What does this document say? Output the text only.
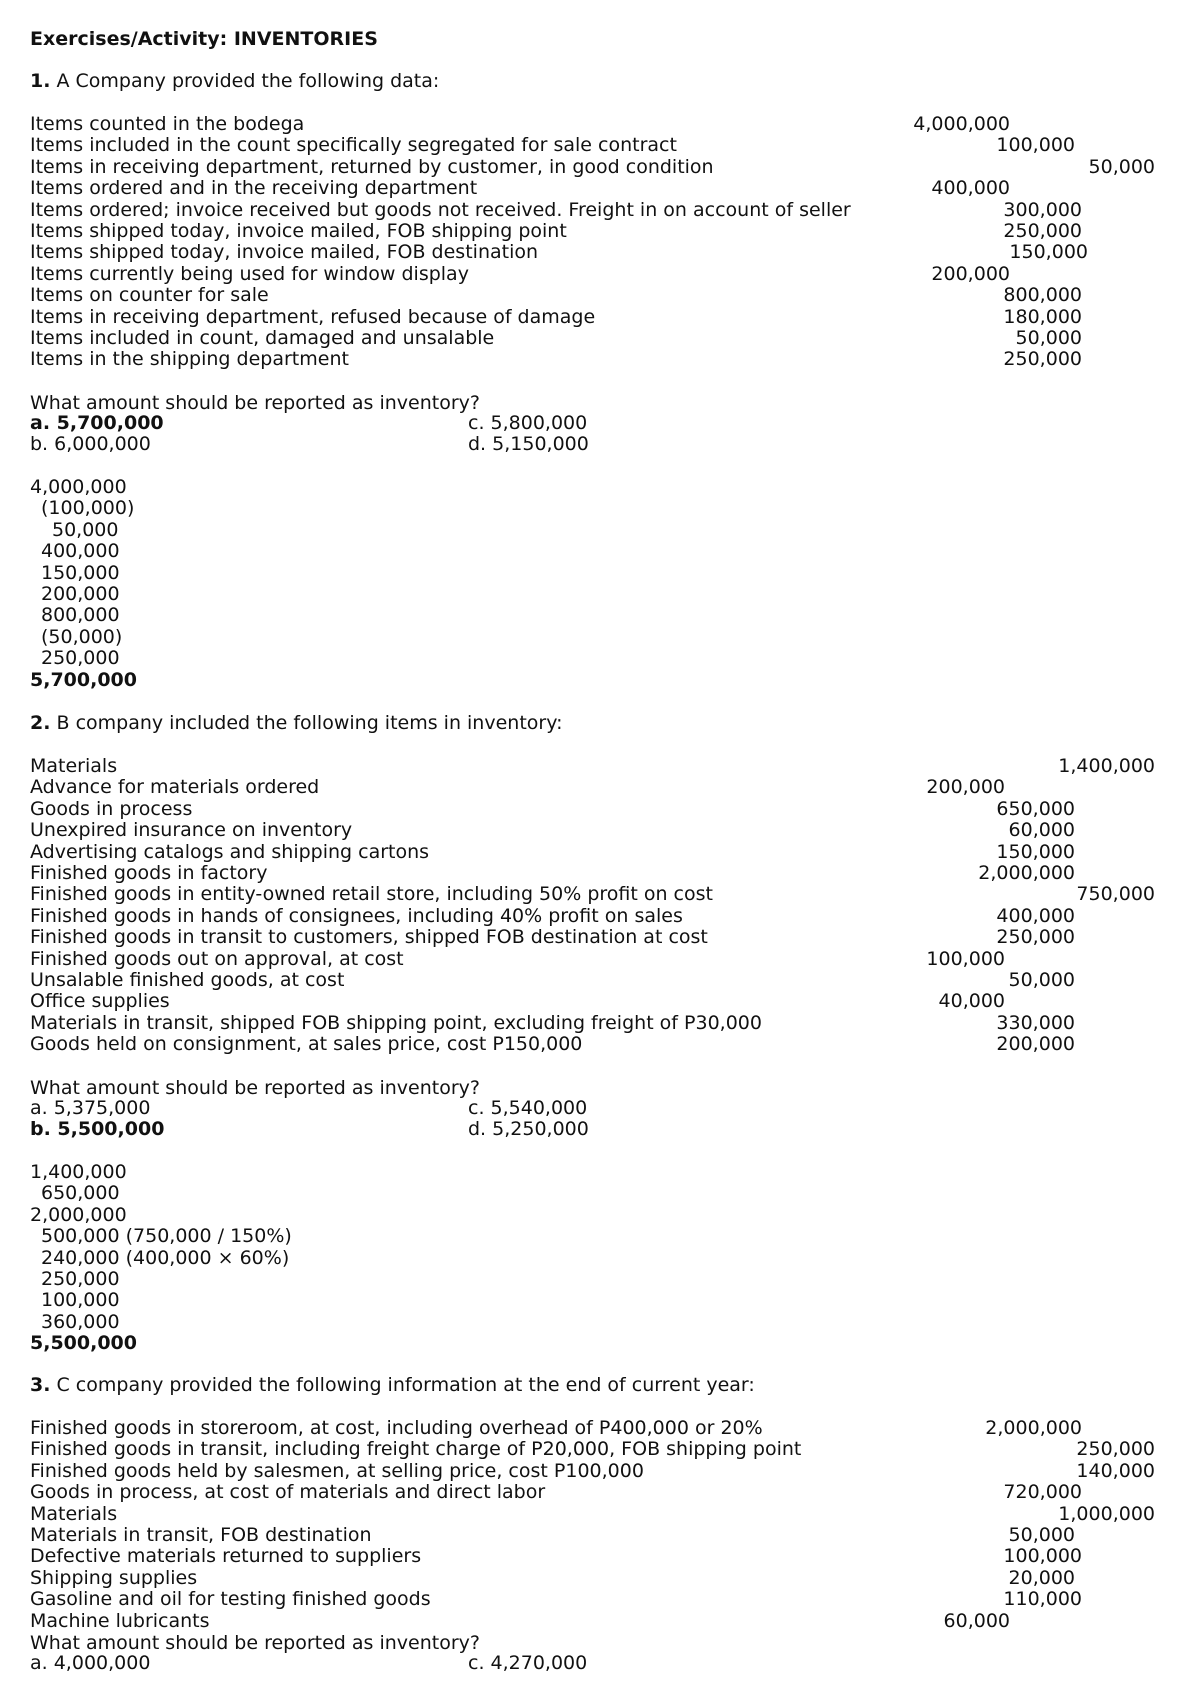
Exercises/Activity: INVENTORIES
1. A Company provided the following data:
Items counted in the bodega	4,000,000
Items included in the count specifically segregated for sale contract	100,000
Items in receiving department, returned by customer, in good condition	50,000
Items ordered and in the receiving department	400,000
Items ordered; invoice received but goods not received. Freight in on account of seller	300,000
Items shipped today, invoice mailed, FOB shipping point	250,000
Items shipped today, invoice mailed, FOB destination	150,000
Items currently being used for window display	200,000
Items on counter for sale	800,000
Items in receiving department, refused because of damage	180,000
Items included in count, damaged and unsalable	50,000
Items in the shipping department	250,000
What amount should be reported as inventory?
a. 5,700,000	c. 5,800,000
b. 6,000,000	d. 5,150,000
4,000,000
(100,000)
50,000
400,000
150,000
200,000
800,000
(50,000)
250,000
5,700,000
2. B company included the following items in inventory:
Materials	1,400,000
Advance for materials ordered	200,000
Goods in process	650,000
Unexpired insurance on inventory	60,000
Advertising catalogs and shipping cartons	150,000
Finished goods in factory	2,000,000
Finished goods in entity-owned retail store, including 50% profit on cost	750,000
Finished goods in hands of consignees, including 40% profit on sales	400,000
Finished goods in transit to customers, shipped FOB destination at cost	250,000
Finished goods out on approval, at cost	100,000
Unsalable finished goods, at cost	50,000
Office supplies	40,000
Materials in transit, shipped FOB shipping point, excluding freight of P30,000	330,000
Goods held on consignment, at sales price, cost P150,000	200,000
What amount should be reported as inventory?
a. 5,375,000	c. 5,540,000
b. 5,500,000	d. 5,250,000
1,400,000
650,000
2,000,000
500,000 (750,000 / 150%)
240,000 (400,000 × 60%)
250,000
100,000
360,000
5,500,000
3. C company provided the following information at the end of current year:
Finished goods in storeroom, at cost, including overhead of P400,000 or 20%	2,000,000
Finished goods in transit, including freight charge of P20,000, FOB shipping point	250,000
Finished goods held by salesmen, at selling price, cost P100,000	140,000
Goods in process, at cost of materials and direct labor	720,000
Materials	1,000,000
Materials in transit, FOB destination	50,000
Defective materials returned to suppliers	100,000
Shipping supplies	20,000
Gasoline and oil for testing finished goods	110,000
Machine lubricants	60,000
What amount should be reported as inventory?
a. 4,000,000	c. 4,270,000
